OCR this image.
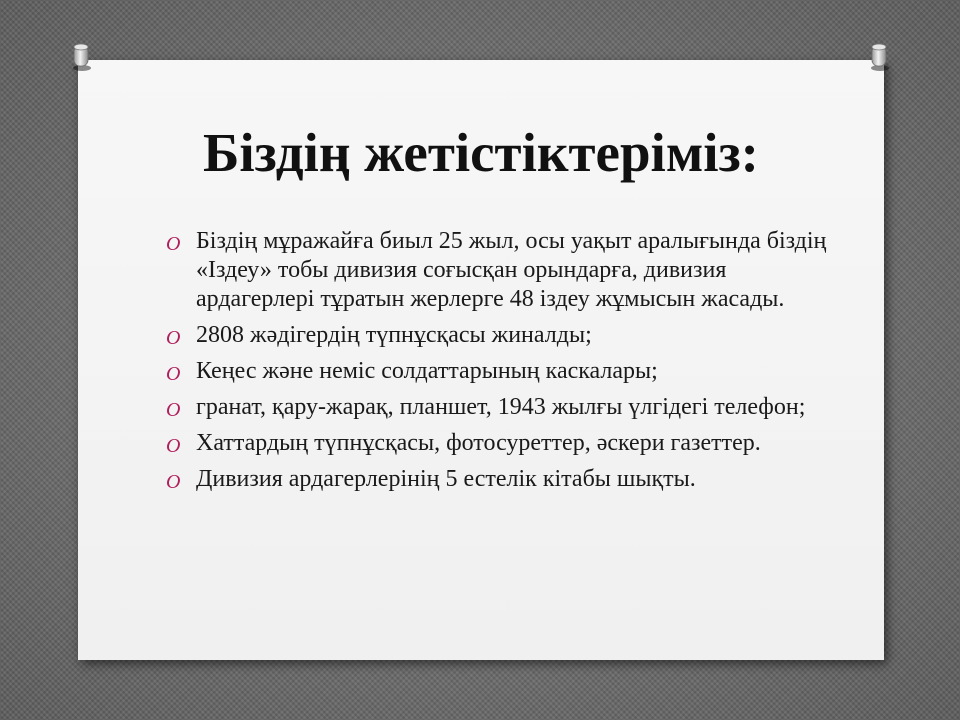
Біздің жетістіктеріміз:
O Біздің мұражайға биыл 25 жыл, осы уақыт аралығында біздің «Іздеу» тобы дивизия соғысқан орындарға, дивизия ардагерлері тұратын жерлерге 48 іздеу жұмысын жасады.
O 2808 жәдігердің түпнұсқасы жиналды;
O Кеңес және неміс солдаттарының каскалары;
O гранат, қару-жарақ, планшет, 1943 жылғы үлгідегі телефон;
O Хаттардың түпнұсқасы, фотосуреттер, әскери газеттер.
O Дивизия ардагерлерінің 5 естелік кітабы шықты.
